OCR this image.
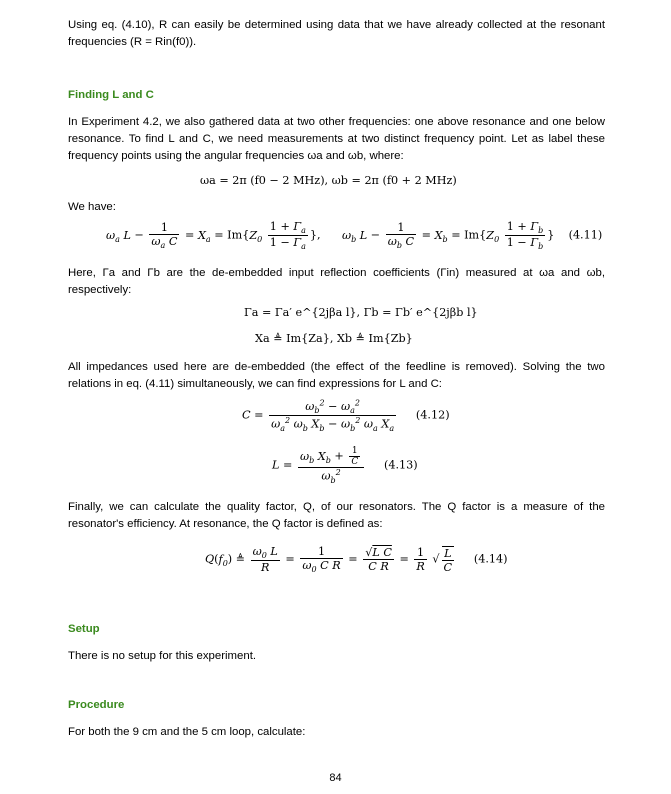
Using eq. (4.10), R can easily be determined using data that we have already collected at the resonant frequencies (R = Rin(f0)).
Finding L and C
In Experiment 4.2, we also gathered data at two other frequencies: one above resonance and one below resonance. To find L and C, we need measurements at two distinct frequency point. Let as label these frequency points using the angular frequencies ωa and ωb, where:
ωa = 2π (f0 − 2 MHz), ωb = 2π (f0 + 2 MHz)
We have:
$\omega_a$ $L - \frac{1}{\omega_a C} = X_a = Im\{Z_0 \frac{1 + \Gamma_a}{1 - \Gamma_a}$ },      $\omega_b$ $L - \frac{1}{\omega_b C} = X_b = Im\{Z_0 \frac{1 + \Gamma_b}{1 - \Gamma_b}$ }    (4.11)
Here, Γa and Γb are the de-embedded input reflection coefficients (Γin) measured at ωa and ωb, respectively:
Γa = Γa′ e^{2jβa l}, Γb = Γb′ e^{2jβb l}
Xa ≜ Im{Za}, Xb ≜ Im{Zb}
All impedances used here are de-embedded (the effect of the feedline is removed). Solving the two relations in eq. (4.11) simultaneously, we can find expressions for L and C:
$C = \frac{\omega_b^2 - \omega_a^2}{\omega_a^2 \omega_b X_b - \omega_b^2 \omega_a X_a} (4.12)$
$L = \frac{\omega_b X_b + \frac{1}{C}}{\omega_b^2} (4.13)$
Finally, we can calculate the quality factor, Q, of our resonators. The Q factor is a measure of the resonator's efficiency. At resonance, the Q factor is defined as:
$Q(f_0)$ ≜ $\frac{\omega_0 L}{R} = \frac{1}{\omega_0 C R} = \frac{\text{√L C}}{\text{C R}} = \frac{1}{R}$ √ $\frac{L}{C} (4.14)$
Setup
There is no setup for this experiment.
Procedure
For both the 9 cm and the 5 cm loop, calculate:
84
